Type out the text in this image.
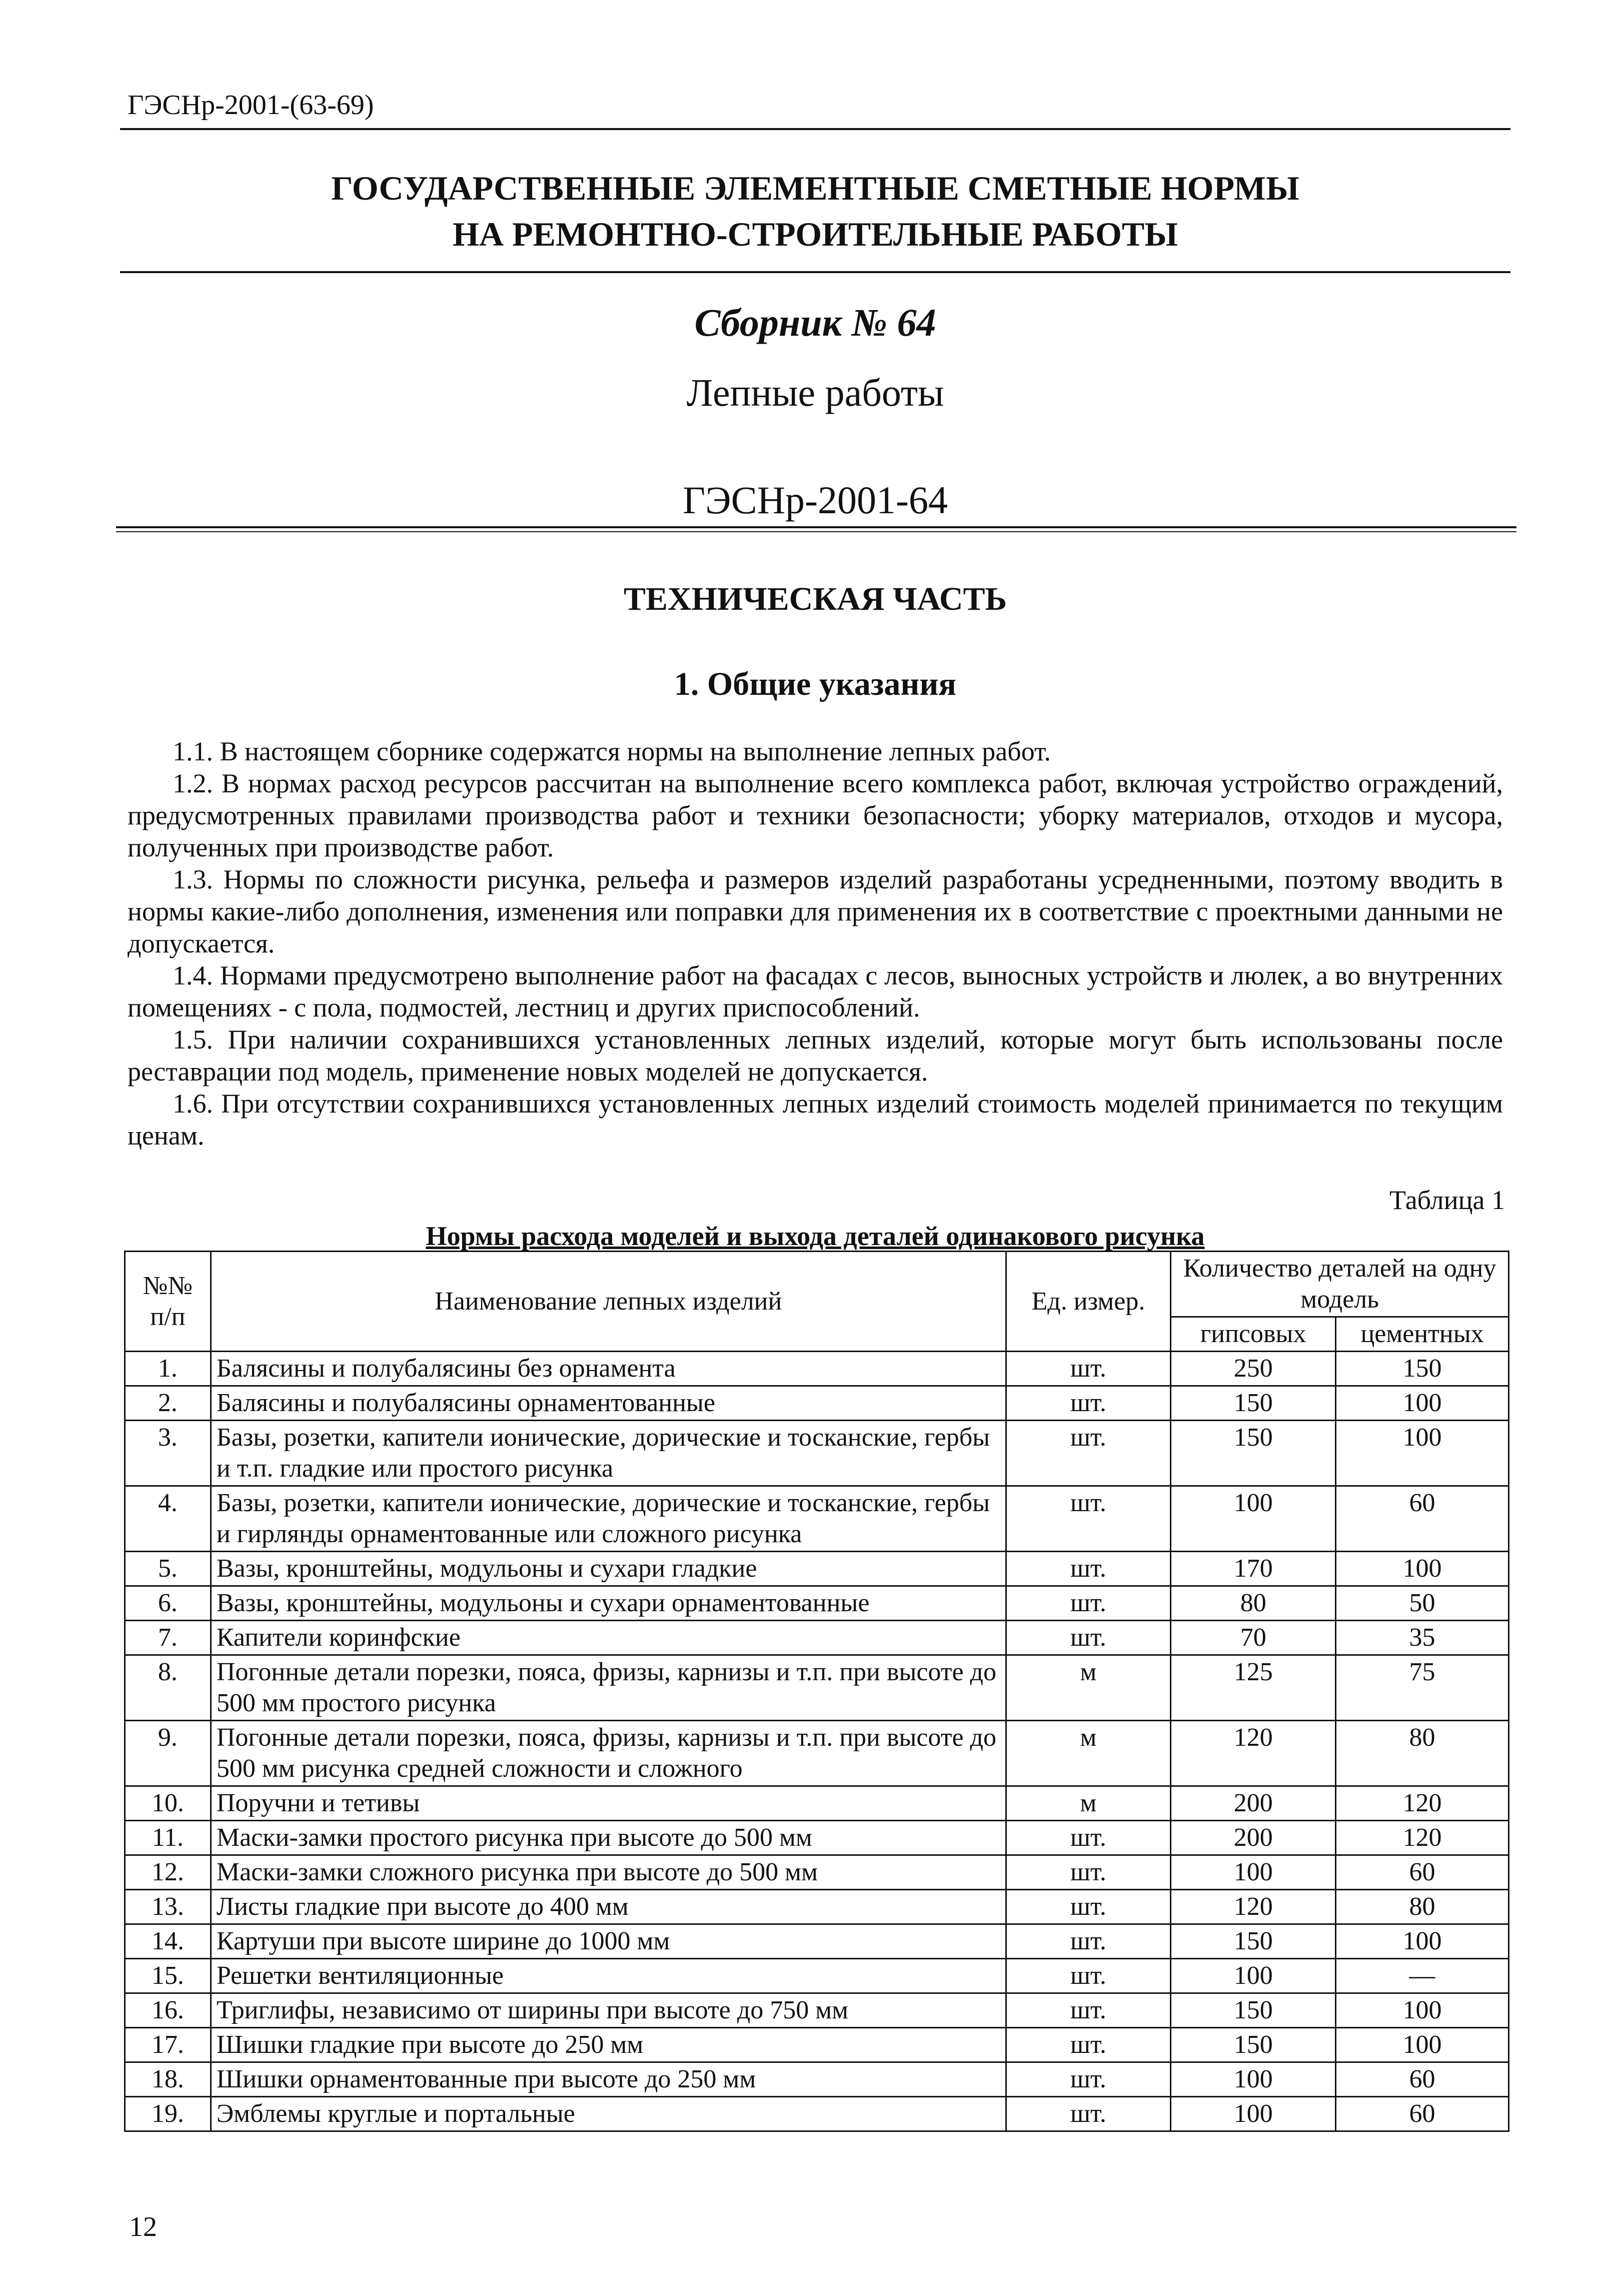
ГЭСНр-2001-(63-69)
ГОСУДАРСТВЕННЫЕ ЭЛЕМЕНТНЫЕ СМЕТНЫЕ НОРМЫ
НА РЕМОНТНО-СТРОИТЕЛЬНЫЕ РАБОТЫ
Сборник № 64
Лепные работы
ГЭСНр-2001-64
ТЕХНИЧЕСКАЯ ЧАСТЬ
1. Общие указания

1.1. В настоящем сборнике содержатся нормы на выполнение лепных работ.

1.2. В нормах расход ресурсов рассчитан на выполнение всего комплекса работ, включая устройство ограждений, предусмотренных правилами производства работ и техники безопасности; уборку материалов, отходов и мусора, полученных при производстве работ.

1.3. Нормы по сложности рисунка, рельефа и размеров изделий разработаны усредненными, поэтому вводить в нормы какие-либо дополнения, изменения или поправки для применения их в соответствие с проектными данными не допускается.

1.4. Нормами предусмотрено выполнение работ на фасадах с лесов, выносных устройств и люлек, а во внутренних помещениях - с пола, подмостей, лестниц и других приспособлений.

1.5. При наличии сохранившихся установленных лепных изделий, которые могут быть использованы после реставрации под модель, применение новых моделей не допускается.

1.6. При отсутствии сохранившихся установленных лепных изделий стоимость моделей принимается по текущим ценам.

Таблица 1
Нормы расхода моделей и выхода деталей одинакового рисунка
№№ п/п	Наименование лепных изделий	Ед. измер.	Количество деталей на одну модель	
			гипсовых	цементных
1.	Балясины и полубалясины без орнамента	шт.	250	150
2.	Балясины и полубалясины орнаментованные	шт.	150	100
3.	Базы, розетки, капители ионические, дорические и тосканские, гербы и т.п. гладкие или простого рисунка	шт.	150	100
4.	Базы, розетки, капители ионические, дорические и тосканские, гербы и гирлянды орнаментованные или сложного рисунка	шт.	100	60
5.	Вазы, кронштейны, модульоны и сухари гладкие	шт.	170	100
6.	Вазы, кронштейны, модульоны и сухари орнаментованные	шт.	80	50
7.	Капители коринфские	шт.	70	35
8.	Погонные детали порезки, пояса, фризы, карнизы и т.п. при высоте до 500 мм простого рисунка	м	125	75
9.	Погонные детали порезки, пояса, фризы, карнизы и т.п. при высоте до 500 мм рисунка средней сложности и сложного	м	120	80
10.	Поручни и тетивы	м	200	120
11.	Маски-замки простого рисунка при высоте до 500 мм	шт.	200	120
12.	Маски-замки сложного рисунка при высоте до 500 мм	шт.	100	60
13.	Листы гладкие при высоте до 400 мм	шт.	120	80
14.	Картуши при высоте ширине до 1000 мм	шт.	150	100
15.	Решетки вентиляционные	шт.	100	—
16.	Триглифы, независимо от ширины при высоте до 750 мм	шт.	150	100
17.	Шишки гладкие при высоте до 250 мм	шт.	150	100
18.	Шишки орнаментованные при высоте до 250 мм	шт.	100	60
19.	Эмблемы круглые и портальные	шт.	100	60
12
